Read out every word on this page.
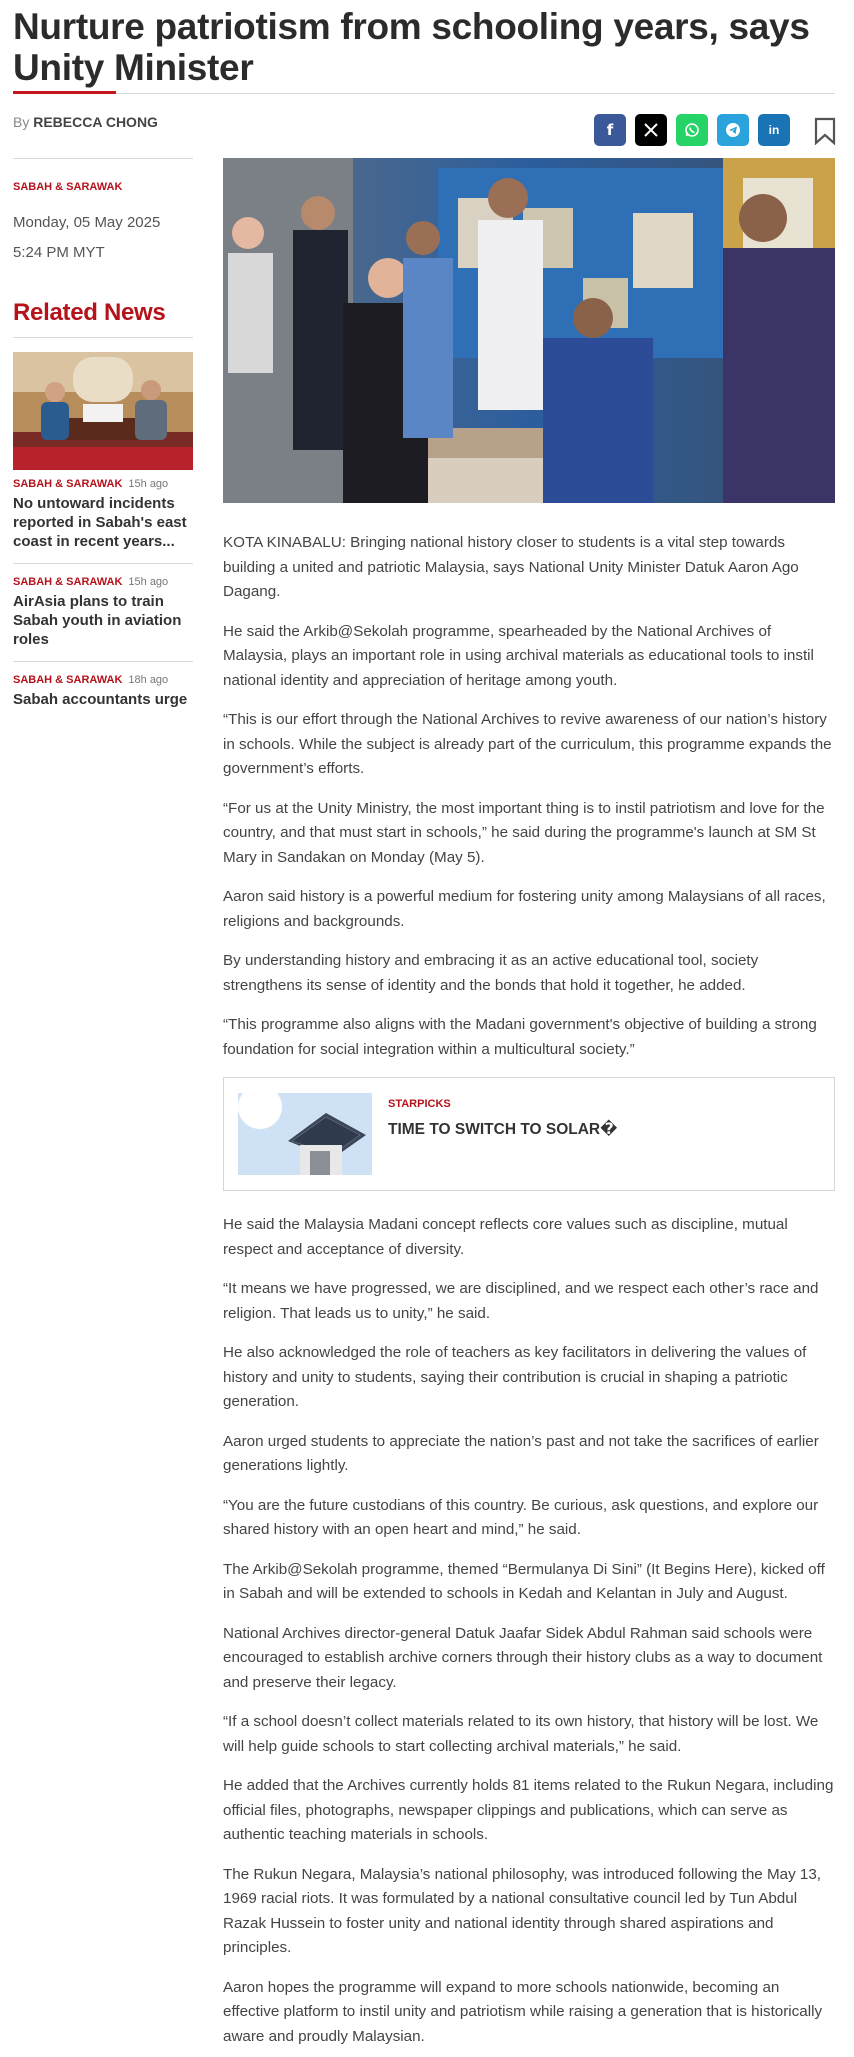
Nurture patriotism from schooling years, says Unity Minister
By REBECCA CHONG	f	in
SABAH & SARAWAK
Monday, 05 May 2025
5:24 PM MYT
Related News
SABAH & SARAWAK 15h ago
No untoward incidents reported in Sabah's east coast in recent years...
SABAH & SARAWAK 15h ago
AirAsia plans to train Sabah youth in aviation roles
SABAH & SARAWAK 18h ago
Sabah accountants urge

KOTA KINABALU: Bringing national history closer to students is a vital step towards building a united and patriotic Malaysia, says National Unity Minister Datuk Aaron Ago Dagang.

He said the Arkib@Sekolah programme, spearheaded by the National Archives of Malaysia, plays an important role in using archival materials as educational tools to instil national identity and appreciation of heritage among youth.

“This is our effort through the National Archives to revive awareness of our nation’s history in schools. While the subject is already part of the curriculum, this programme expands the government’s efforts.

“For us at the Unity Ministry, the most important thing is to instil patriotism and love for the country, and that must start in schools,” he said during the programme's launch at SM St Mary in Sandakan on Monday (May 5).

Aaron said history is a powerful medium for fostering unity among Malaysians of all races, religions and backgrounds.

By understanding history and embracing it as an active educational tool, society strengthens its sense of identity and the bonds that hold it together, he added.

“This programme also aligns with the Madani government's objective of building a strong foundation for social integration within a multicultural society.”

STARPICKS
TIME TO SWITCH TO SOLAR�

He said the Malaysia Madani concept reflects core values such as discipline, mutual respect and acceptance of diversity.

“It means we have progressed, we are disciplined, and we respect each other’s race and religion. That leads us to unity,” he said.

He also acknowledged the role of teachers as key facilitators in delivering the values of history and unity to students, saying their contribution is crucial in shaping a patriotic generation.

Aaron urged students to appreciate the nation’s past and not take the sacrifices of earlier generations lightly.

“You are the future custodians of this country. Be curious, ask questions, and explore our shared history with an open heart and mind,” he said.

The Arkib@Sekolah programme, themed “Bermulanya Di Sini” (It Begins Here), kicked off in Sabah and will be extended to schools in Kedah and Kelantan in July and August.

National Archives director-general Datuk Jaafar Sidek Abdul Rahman said schools were encouraged to establish archive corners through their history clubs as a way to document and preserve their legacy.

“If a school doesn’t collect materials related to its own history, that history will be lost. We will help guide schools to start collecting archival materials,” he said.

He added that the Archives currently holds 81 items related to the Rukun Negara, including official files, photographs, newspaper clippings and publications, which can serve as authentic teaching materials in schools.

The Rukun Negara, Malaysia’s national philosophy, was introduced following the May 13, 1969 racial riots. It was formulated by a national consultative council led by Tun Abdul Razak Hussein to foster unity and national identity through shared aspirations and principles.

Aaron hopes the programme will expand to more schools nationwide, becoming an effective platform to instil unity and patriotism while raising a generation that is historically aware and proudly Malaysian.
